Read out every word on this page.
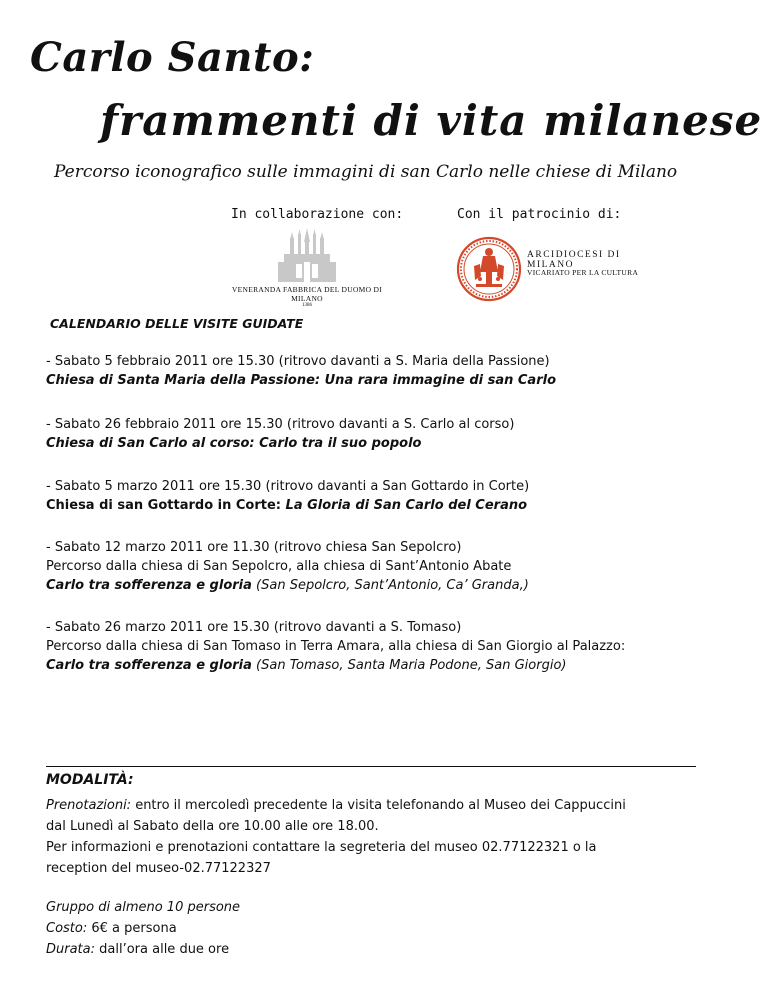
Carlo Santo:
frammenti di vita milanese
Percorso iconografico sulle immagini di san Carlo nelle chiese di Milano
In collaborazione con:	Con il patrocinio di:
VENERANDA FABBRICA DEL DUOMO DI MILANO
1386
ARCIDIOCESI DI MILANO
VICARIATO PER LA CULTURA
CALENDARIO DELLE VISITE GUIDATE
- Sabato 5 febbraio 2011 ore 15.30 (ritrovo davanti a S. Maria della Passione)
Chiesa di Santa Maria della Passione: Una rara immagine di san Carlo
- Sabato 26 febbraio 2011 ore 15.30 (ritrovo davanti a S. Carlo al corso)
Chiesa di San Carlo al corso: Carlo tra il suo popolo
- Sabato 5 marzo 2011 ore 15.30 (ritrovo davanti a San Gottardo in Corte)
Chiesa di san Gottardo in Corte: La Gloria di San Carlo del Cerano
- Sabato 12 marzo 2011 ore 11.30 (ritrovo chiesa San Sepolcro)
Percorso dalla chiesa di San Sepolcro, alla chiesa di Sant’Antonio Abate
Carlo tra sofferenza e gloria (San Sepolcro, Sant’Antonio, Ca’ Granda,)
- Sabato 26 marzo 2011 ore 15.30 (ritrovo davanti a S. Tomaso)
Percorso dalla chiesa di San Tomaso in Terra Amara, alla chiesa di San Giorgio al Palazzo:
Carlo tra sofferenza e gloria (San Tomaso, Santa Maria Podone, San Giorgio)
MODALITÀ:
Prenotazioni: entro il mercoledì precedente la visita telefonando al Museo dei Cappuccini
dal Lunedì al Sabato della ore 10.00 alle ore 18.00.
Per informazioni e prenotazioni contattare la segreteria del museo 02.77122321 o la
reception del museo-02.77122327
Gruppo di almeno 10 persone
Costo: 6€ a persona
Durata: dall’ora alle due ore
